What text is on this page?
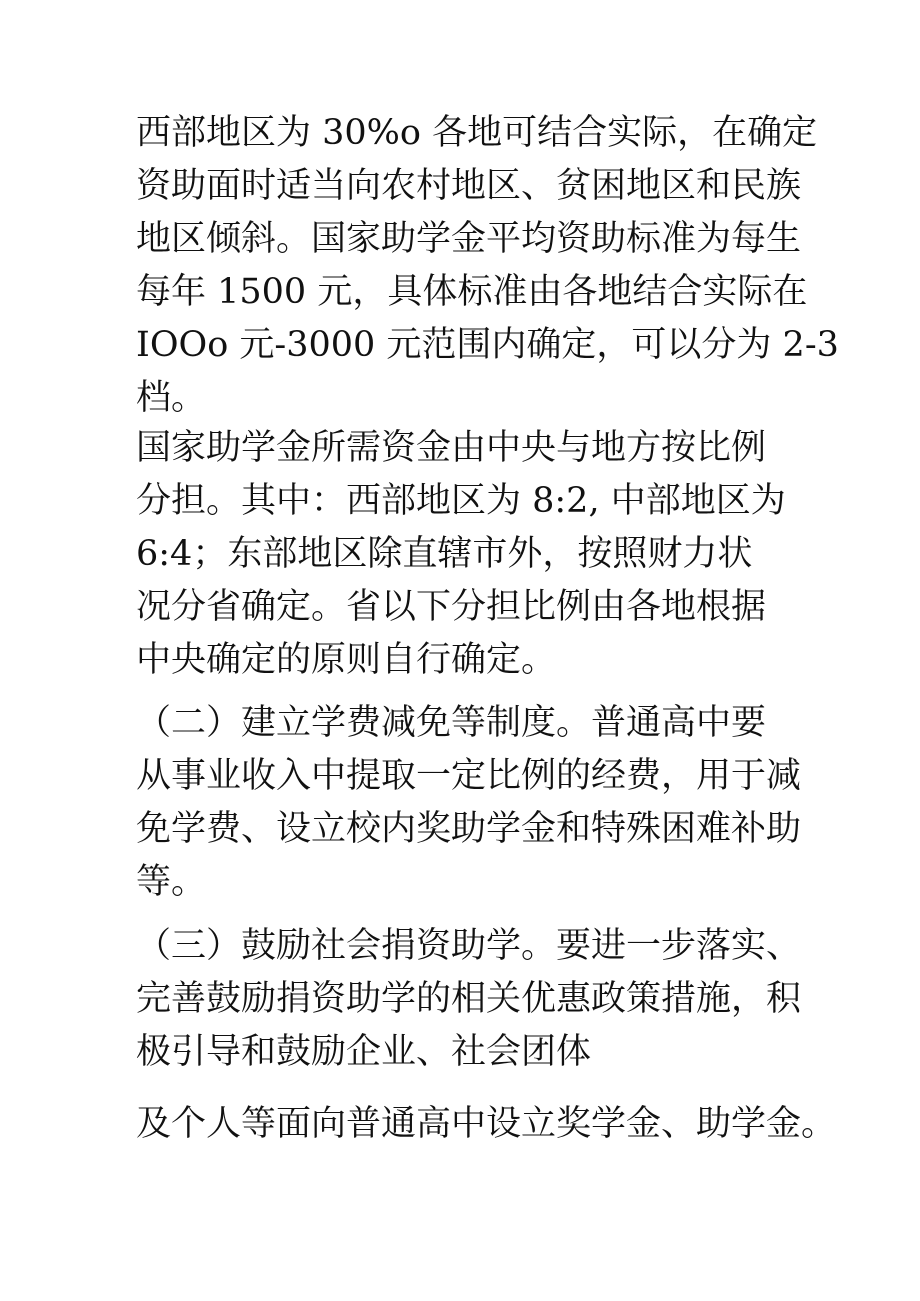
西部地区为 30%o 各地可结合实际，在确定
资助面时适当向农村地区、贫困地区和民族
地区倾斜。国家助学金平均资助标准为每生
每年 1500 元，具体标准由各地结合实际在
IOOo 元-3000 元范围内确定，可以分为 2-3
档。
国家助学金所需资金由中央与地方按比例
分担。其中：西部地区为 8:2, 中部地区为
6:4；东部地区除直辖市外，按照财力状
况分省确定。省以下分担比例由各地根据
中央确定的原则自行确定。
（二）建立学费减免等制度。普通高中要
从事业收入中提取一定比例的经费，用于减
免学费、设立校内奖助学金和特殊困难补助
等。
（三）鼓励社会捐资助学。要进一步落实、
完善鼓励捐资助学的相关优惠政策措施，积
极引导和鼓励企业、社会团体
及个人等面向普通高中设立奖学金、助学金。
